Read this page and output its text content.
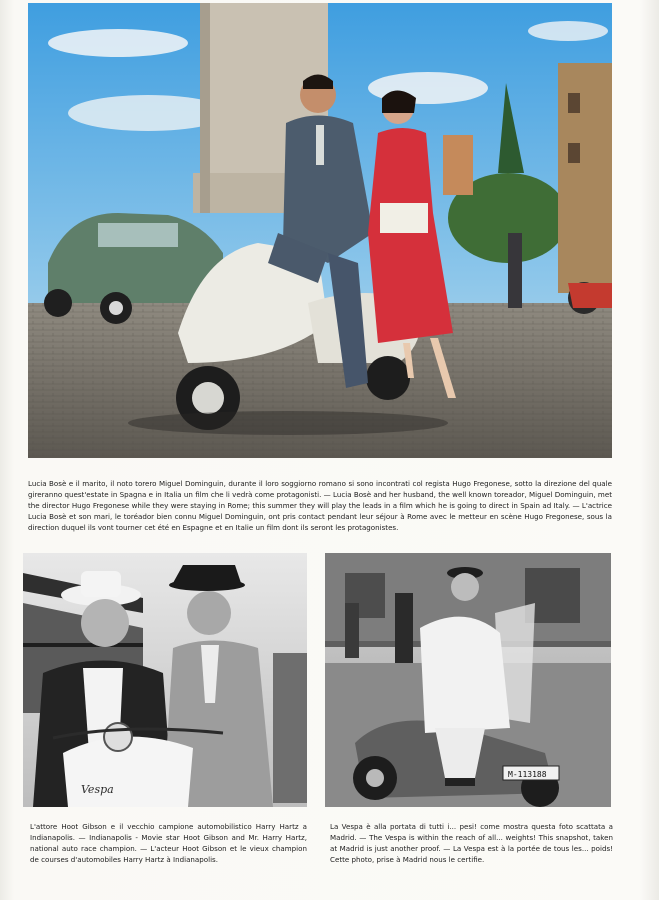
Lucia Bosè e il marito, il noto torero Miguel Dominguin, durante il loro soggiorno romano si sono incontrati col regista Hugo Fregonese, sotto la direzione del quale gireranno quest'estate in Spagna e in Italia un film che li vedrà come protagonisti. — Lucia Bosè and her husband, the well known toreador, Miguel Dominguin, met the director Hugo Fregonese while they were staying in Rome; this summer they will play the leads in a film which he is going to direct in Spain ad Italy. — L'actrice Lucia Bosè et son mari, le toréador bien connu Miguel Dominguin, ont pris contact pendant leur séjour à Rome avec le metteur en scène Hugo Fregonese, sous la direction duquel ils vont tourner cet été en Espagne et en Italie un film dont ils seront les protagonistes.

Vespa

L'attore Hoot Gibson e il vecchio campione automobilistico Harry Hartz a Indianapolis. — Indianapolis - Movie star Hoot Gibson and Mr. Harry Hartz, national auto race champion. — L'acteur Hoot Gibson et le vieux champion de courses d'automobiles Harry Hartz à Indianapolis.

M-113188

La Vespa è alla portata di tutti i... pesi! come mostra questa foto scattata a Madrid. — The Vespa is within the reach of all... weights! This snapshot, taken at Madrid is just another proof. — La Vespa est à la portée de tous les... poids! Cette photo, prise à Madrid nous le certifie.
